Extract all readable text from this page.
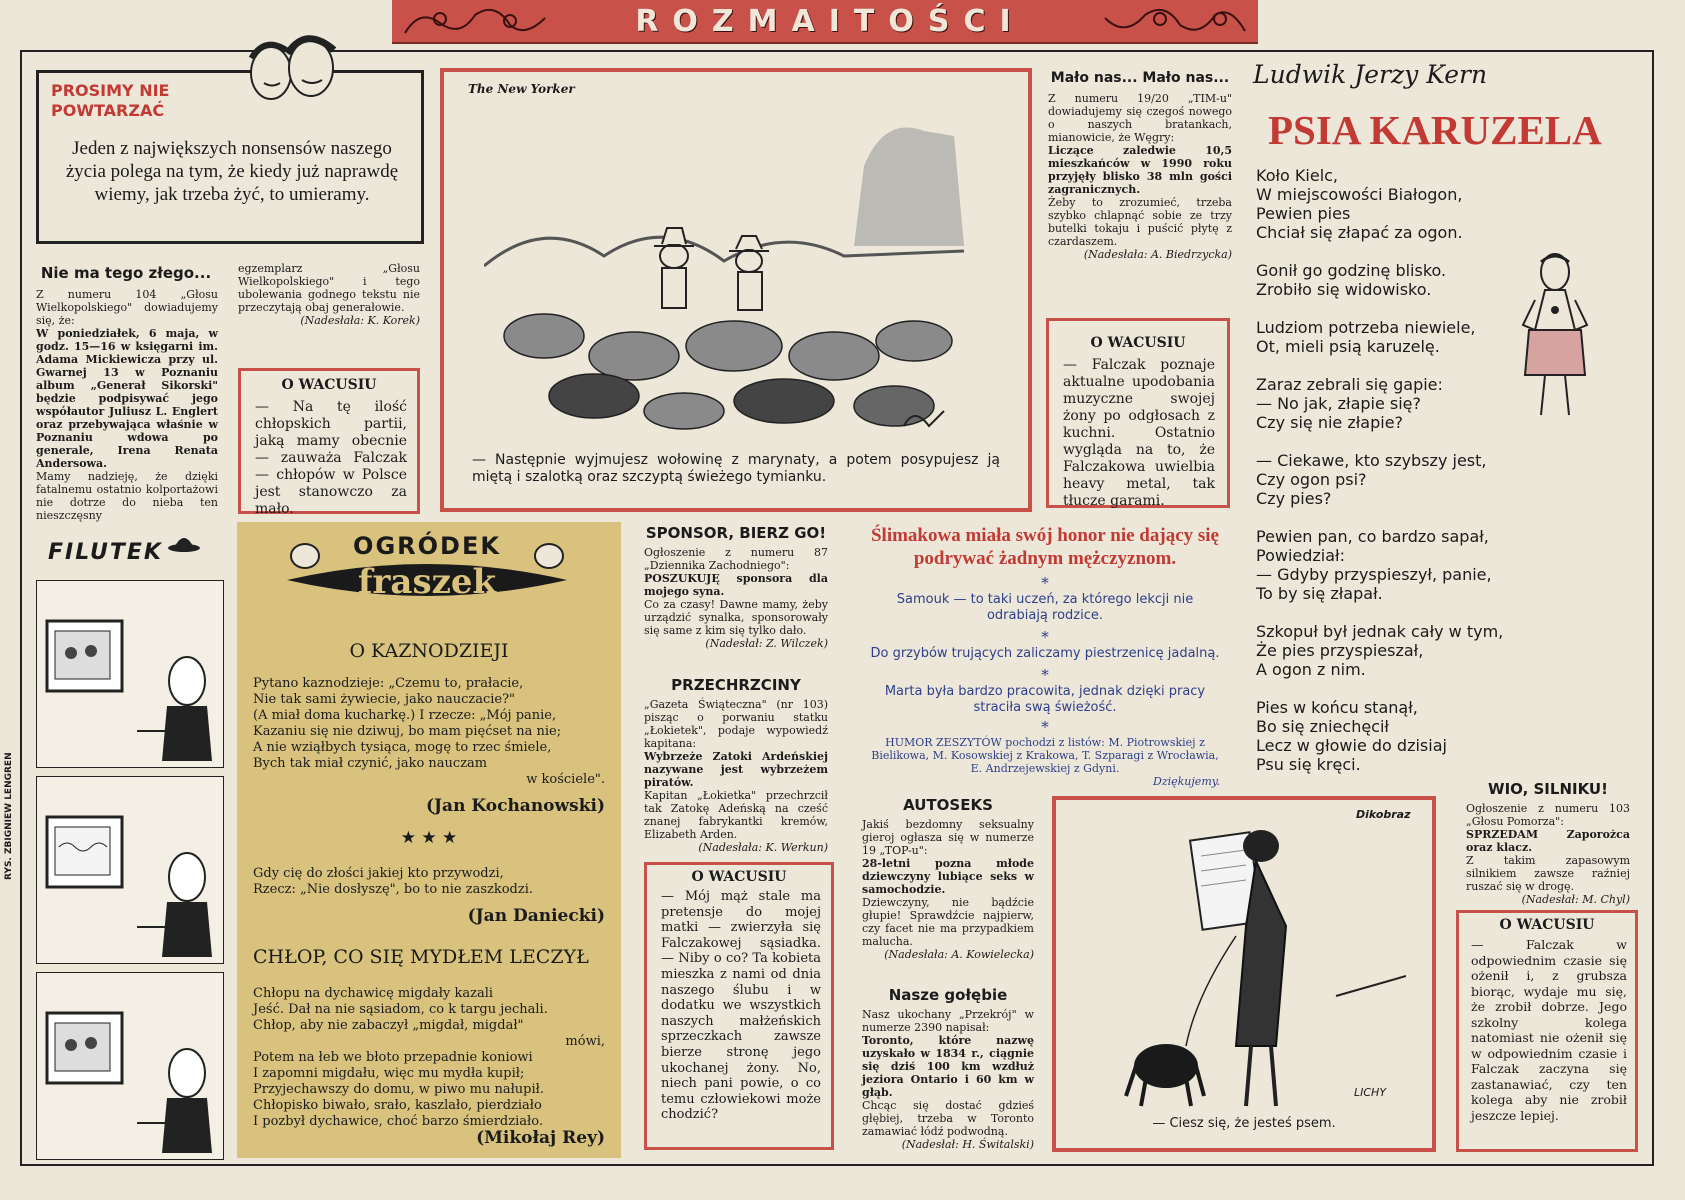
ROZMAITOŚCI
PROSIMY NIE POWTARZAĆ
Jeden z największych nonsensów naszego życia polega na tym, że kiedy już naprawdę wiemy, jak trzeba żyć, to umieramy.
Nie ma tego złego...
Z numeru 104 „Głosu Wielkopolskiego" dowiadujemy się, że:
W poniedziałek, 6 maja, w godz. 15—16 w księgarni im. Adama Mickiewicza przy ul. Gwarnej 13 w Poznaniu album „Generał Sikorski" będzie podpisywać jego współautor Juliusz L. Englert oraz przebywająca właśnie w Poznaniu wdowa po generale, Irena Renata Andersowa.
Mamy nadzieję, że dzięki fatalnemu ostatnio kolportażowi nie dotrze do nieba ten nieszczęsny
egzemplarz „Głosu Wielkopolskiego" i tego ubolewania godnego tekstu nie przeczytają obaj generałowie.
(Nadesłała: K. Korek)
O WACUSIU
— Na tę ilość chłopskich partii, jaką mamy obecnie — zauważa Falczak — chłopów w Polsce jest stanowczo za mało.
The New Yorker
— Następnie wyjmujesz wołowinę z marynaty, a potem posypujesz ją miętą i szalotką oraz szczyptą świeżego tymianku.
Mało nas... Mało nas...
Z numeru 19/20 „TIM-u" dowiadujemy się czegoś nowego o naszych bratankach, mianowicie, że Węgry:
Liczące zaledwie 10,5 mieszkańców w 1990 roku przyjęły blisko 38 mln gości zagranicznych.
Żeby to zrozumieć, trzeba szybko chlapnąć sobie ze trzy butelki tokaju i puścić płytę z czardaszem.
(Nadesłała: A. Biedrzycka)
O WACUSIU
— Falczak poznaje aktualne upodobania muzyczne swojej żony po odgłosach z kuchni. Ostatnio wygląda na to, że Falczakowa uwielbia heavy metal, tak tłucze garami.
Ludwik Jerzy Kern
PSIA KARUZELA
Koło Kielc,
W miejscowości Białogon,
Pewien pies
Chciał się złapać za ogon.
Gonił go godzinę blisko.
Zrobiło się widowisko.
Ludziom potrzeba niewiele,
Ot, mieli psią karuzelę.
Zaraz zebrali się gapie:
— No jak, złapie się?
Czy się nie złapie?
— Ciekawe, kto szybszy jest,
Czy ogon psi?
Czy pies?
Pewien pan, co bardzo sapał,
Powiedział:
— Gdyby przyspieszył, panie,
To by się złapał.
Szkopuł był jednak cały w tym,
Że pies przyspieszał,
A ogon z nim.
Pies w końcu stanął,
Bo się zniechęcił
Lecz w głowie do dzisiaj
Psu się kręci.
FILUTEK
RYS. ZBIGNIEW LENGREN
OGRÓDEK
fraszek
O KAZNODZIEJI
Pytano kaznodzieje: „Czemu to, prałacie,
Nie tak sami żywiecie, jako nauczacie?"
(A miał doma kucharkę.) I rzecze: „Mój panie,
Kazaniu się nie dziwuj, bo mam pięćset na nie;
A nie wziąłbych tysiąca, mogę to rzec śmiele,
Bych tak miał czynić, jako nauczam
w kościele".
(Jan Kochanowski)
★ ★ ★
Gdy cię do złości jakiej kto przywodzi,
Rzecz: „Nie dosłyszę", bo to nie zaszkodzi.
(Jan Daniecki)
CHŁOP, CO SIĘ MYDŁEM LECZYŁ
Chłopu na dychawicę migdały kazali
Jeść. Dał na nie sąsiadom, co k targu jechali.
Chłop, aby nie zabaczył „migdał, migdał"
mówi,
Potem na łeb we błoto przepadnie koniowi
I zapomni migdału, więc mu mydła kupił;
Przyjechawszy do domu, w piwo mu nałupił.
Chłopisko biwało, srało, kaszlało, pierdziało
I pozbył dychawice, choć barzo śmierdziało.
(Mikołaj Rey)
SPONSOR, BIERZ GO!
Ogłoszenie z numeru 87 „Dziennika Zachodniego":
POSZUKUJĘ sponsora dla mojego syna.
Co za czasy! Dawne mamy, żeby urządzić synalka, sponsorowały się same z kim się tylko dało.
(Nadesłał: Z. Wilczek)
PRZECHRZCINY
„Gazeta Świąteczna" (nr 103) pisząc o porwaniu statku „Łokietek", podaje wypowiedź kapitana:
Wybrzeże Zatoki Ardeńskiej nazywane jest wybrzeżem piratów.
Kapitan „Łokietka" przechrzcił tak Zatokę Adeńską na cześć znanej fabrykantki kremów, Elizabeth Arden.
(Nadesłała: K. Werkun)
O WACUSIU
— Mój mąż stale ma pretensje do mojej matki — zwierzyła się Falczakowej sąsiadka. — Niby o co? Ta kobieta mieszka z nami od dnia naszego ślubu i w dodatku we wszystkich naszych małżeńskich sprzeczkach zawsze bierze stronę jego ukochanej żony. No, niech pani powie, o co temu człowiekowi może chodzić?
Ślimakowa miała swój honor nie dający się podrywać żadnym mężczyznom.
*
Samouk — to taki uczeń, za którego lekcji nie odrabiają rodzice.
*
Do grzybów trujących zaliczamy piestrzenicę jadalną.
*
Marta była bardzo pracowita, jednak dzięki pracy straciła swą świeżość.
*
HUMOR ZESZYTÓW pochodzi z listów: M. Piotrowskiej z Bielikowa, M. Kosowskiej z Krakowa, T. Szparagi z Wrocławia, E. Andrzejewskiej z Gdyni.
Dziękujemy.
AUTOSEKS
Jakiś bezdomny seksualny gieroj ogłasza się w numerze 19 „TOP-u":
28-letni pozna młode dziewczyny lubiące seks w samochodzie.
Dziewczyny, nie bądźcie głupie! Sprawdźcie najpierw, czy facet nie ma przypadkiem malucha.
(Nadesłała: A. Kowielecka)
Nasze gołębie
Nasz ukochany „Przekrój" w numerze 2390 napisał:
Toronto, które nazwę uzyskało w 1834 r., ciągnie się dziś 100 km wzdłuż jeziora Ontario i 60 km w głąb.
Chcąc się dostać gdzieś głębiej, trzeba w Toronto zamawiać łódź podwodną.
(Nadesłał: H. Świtalski)
Dikobraz
LICHY
— Ciesz się, że jesteś psem.
WIO, SILNIKU!
Ogłoszenie z numeru 103 „Głosu Pomorza":
SPRZEDAM Zaporożca oraz klacz.
Z takim zapasowym silnikiem zawsze raźniej ruszać się w drogę.
(Nadesłał: M. Chyl)
O WACUSIU
— Falczak w odpowiednim czasie się ożenił i, z grubsza biorąc, wydaje mu się, że zrobił dobrze. Jego szkolny kolega natomiast nie ożenił się w odpowiednim czasie i Falczak zaczyna się zastanawiać, czy ten kolega aby nie zrobił jeszcze lepiej.
